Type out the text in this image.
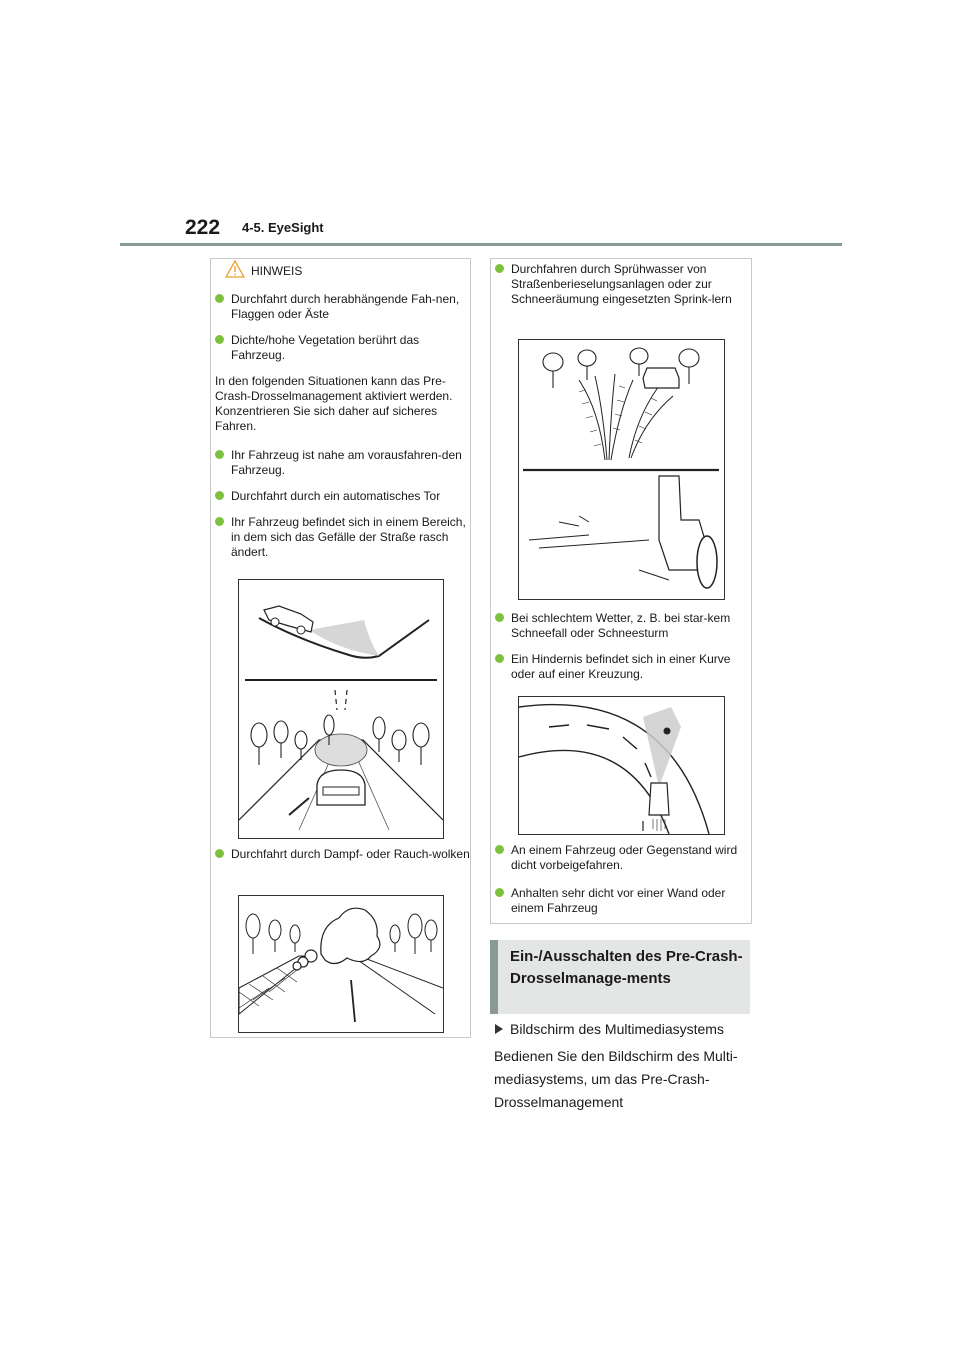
222 4-5. EyeSight
HINWEIS
Durchfahrt durch herabhängende Fah-nen, Flaggen oder Äste
Dichte/hohe Vegetation berührt das Fahrzeug.
In den folgenden Situationen kann das Pre-Crash-Drosselmanagement aktiviert werden. Konzentrieren Sie sich daher auf sicheres Fahren.
Ihr Fahrzeug ist nahe am vorausfahren-den Fahrzeug.
Durchfahrt durch ein automatisches Tor
Ihr Fahrzeug befindet sich in einem Bereich, in dem sich das Gefälle der Straße rasch ändert.
Durchfahrt durch Dampf- oder Rauch-wolken
Durchfahren durch Sprühwasser von Straßenberieselungsanlagen oder zur Schneeräumung eingesetzten Sprink-lern
Bei schlechtem Wetter, z. B. bei star-kem Schneefall oder Schneesturm
Ein Hindernis befindet sich in einer Kurve oder auf einer Kreuzung.
An einem Fahrzeug oder Gegenstand wird dicht vorbeigefahren.
Anhalten sehr dicht vor einer Wand oder einem Fahrzeug
Ein-/Ausschalten des Pre-Crash-Drosselmanage-ments
Bildschirm des Multimediasystems
Bedienen Sie den Bildschirm des Multi-mediasystems, um das Pre-Crash-Drosselmanagement
